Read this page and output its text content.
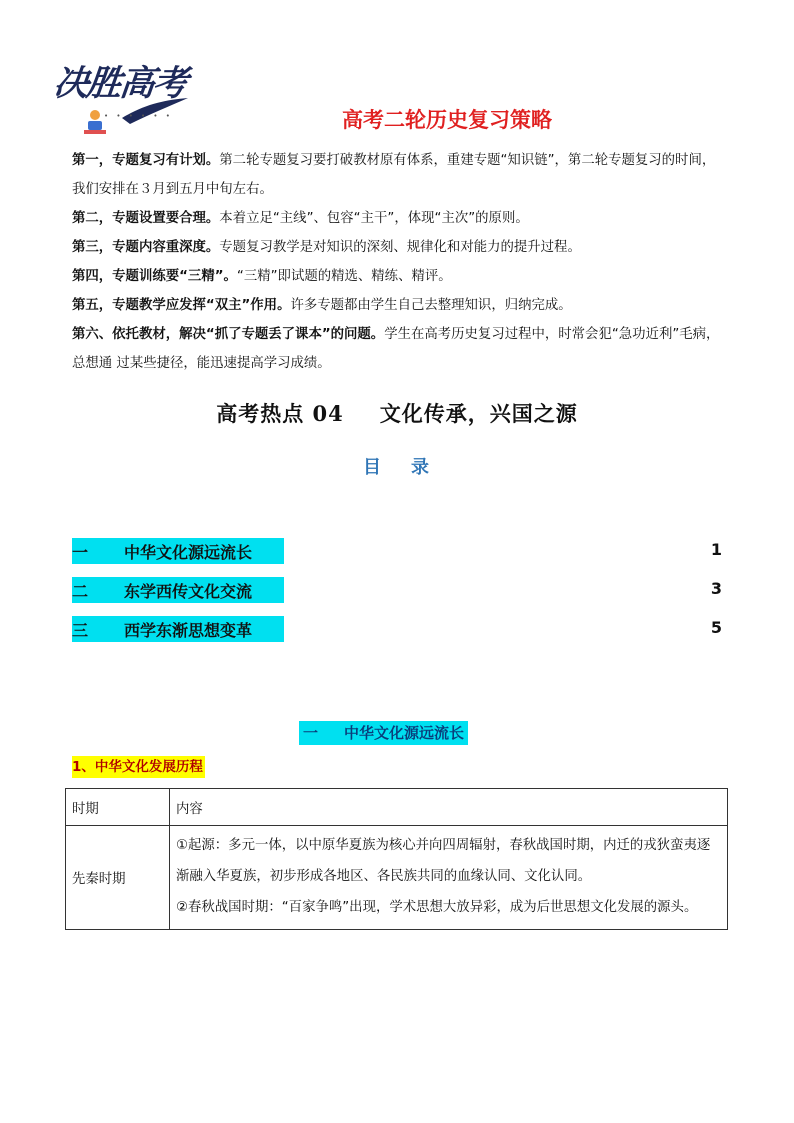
决胜高考
• • • • • •	高考二轮历史复习策略
第一，专题复习有计划。第二轮专题复习要打破教材原有体系，重建专题“知识链”，第二轮专题复习的时间，我们安排在３月到五月中旬左右。
第二，专题设置要合理。本着立足“主线”、包容“主干”，体现“主次”的原则。
第三，专题内容重深度。专题复习教学是对知识的深刻、规律化和对能力的提升过程。
第四，专题训练要“三精”。“三精”即试题的精选、精练、精评。
第五，专题教学应发挥“双主”作用。许多专题都由学生自己去整理知识，归纳完成。
第六、依托教材，解决“抓了专题丢了课本”的问题。学生在高考历史复习过程中，时常会犯“急功近利”毛病，总想通 过某些捷径，能迅速提高学习成绩。
高考热点 04 文化传承，兴国之源
目 录
一 中华文化源远流长	1
二 东学西传文化交流	3
三 西学东渐思想变革	5
一 中华文化源远流长
1、中华文化发展历程
时期	内容
先秦时期	①起源：多元一体，以中原华夏族为核心并向四周辐射，春秋战国时期，内迁的戎狄蛮夷逐渐融入华夏族，初步形成各地区、各民族共同的血缘认同、文化认同。
②春秋战国时期：“百家争鸣”出现，学术思想大放异彩，成为后世思想文化发展的源头。
